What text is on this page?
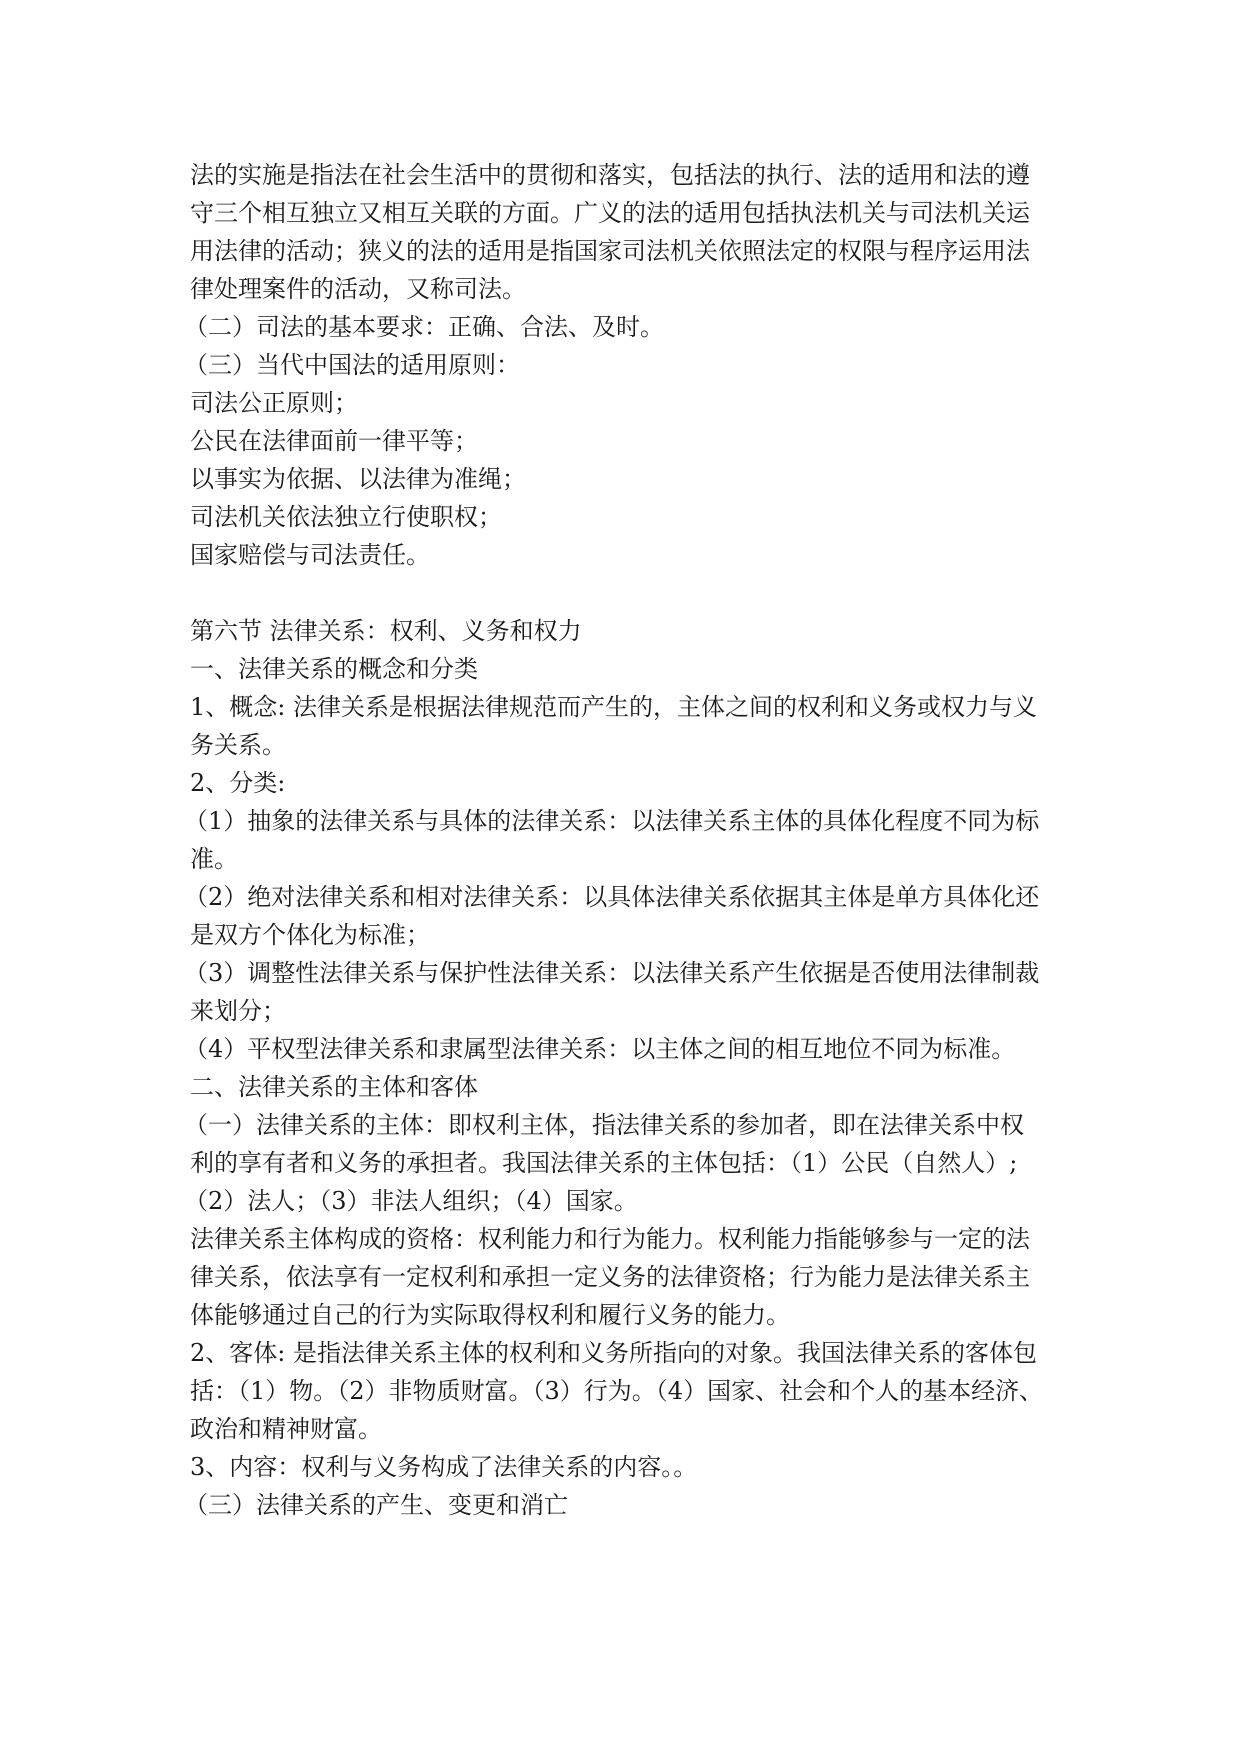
法的实施是指法在社会生活中的贯彻和落实，包括法的执行、法的适用和法的遵
守三个相互独立又相互关联的方面。广义的法的适用包括执法机关与司法机关运
用法律的活动；狭义的法的适用是指国家司法机关依照法定的权限与程序运用法
律处理案件的活动，又称司法。
（二）司法的基本要求：正确、合法、及时。
（三）当代中国法的适用原则：
司法公正原则；
公民在法律面前一律平等；
以事实为依据、以法律为准绳；
司法机关依法独立行使职权；
国家赔偿与司法责任。
第六节 法律关系：权利、义务和权力
一、法律关系的概念和分类
1、概念: 法律关系是根据法律规范而产生的，主体之间的权利和义务或权力与义
务关系。
2、分类:
（1）抽象的法律关系与具体的法律关系：以法律关系主体的具体化程度不同为标
准。
（2）绝对法律关系和相对法律关系：以具体法律关系依据其主体是单方具体化还
是双方个体化为标准；
（3）调整性法律关系与保护性法律关系：以法律关系产生依据是否使用法律制裁
来划分；
（4）平权型法律关系和隶属型法律关系：以主体之间的相互地位不同为标准。
二、法律关系的主体和客体
（一）法律关系的主体：即权利主体，指法律关系的参加者，即在法律关系中权
利的享有者和义务的承担者。我国法律关系的主体包括：（1）公民（自然人）;
（2）法人；（3）非法人组织；（4）国家。
法律关系主体构成的资格：权利能力和行为能力。权利能力指能够参与一定的法
律关系，依法享有一定权利和承担一定义务的法律资格；行为能力是法律关系主
体能够通过自己的行为实际取得权利和履行义务的能力。
2、客体: 是指法律关系主体的权利和义务所指向的对象。我国法律关系的客体包
括：（1）物。（2）非物质财富。（3）行为。（4）国家、社会和个人的基本经济、
政治和精神财富。
3、内容：权利与义务构成了法律关系的内容。。
（三）法律关系的产生、变更和消亡
